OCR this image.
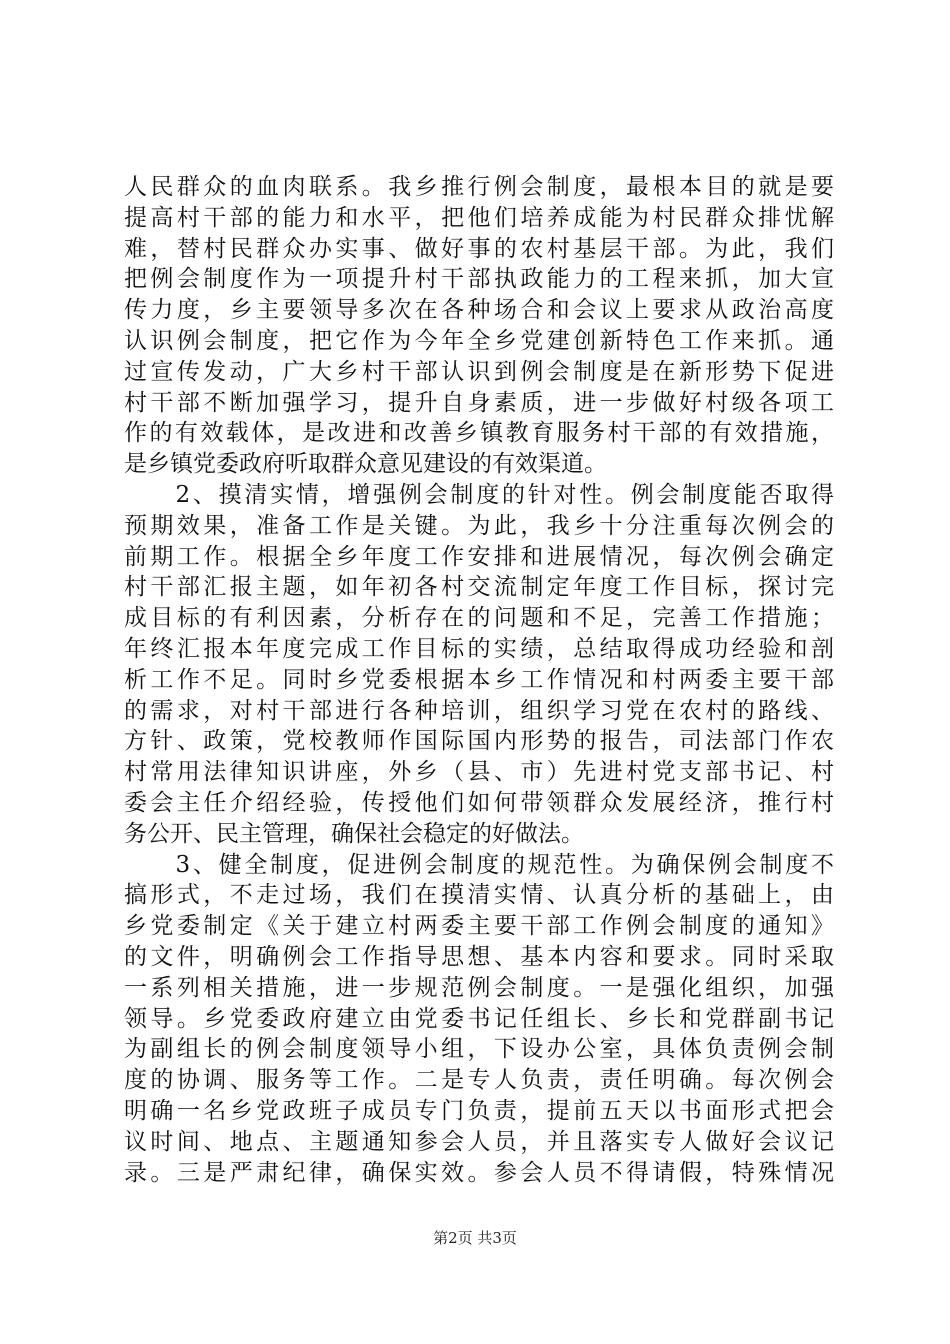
人民群众的血肉联系。我乡推行例会制度，最根本目的就是要
提高村干部的能力和水平，把他们培养成能为村民群众排忧解
难，替村民群众办实事、做好事的农村基层干部。为此，我们
把例会制度作为一项提升村干部执政能力的工程来抓，加大宣
传力度，乡主要领导多次在各种场合和会议上要求从政治高度
认识例会制度，把它作为今年全乡党建创新特色工作来抓。通
过宣传发动，广大乡村干部认识到例会制度是在新形势下促进
村干部不断加强学习，提升自身素质，进一步做好村级各项工
作的有效载体，是改进和改善乡镇教育服务村干部的有效措施，
是乡镇党委政府听取群众意见建设的有效渠道。
　　2、摸清实情，增强例会制度的针对性。例会制度能否取得
预期效果，准备工作是关键。为此，我乡十分注重每次例会的
前期工作。根据全乡年度工作安排和进展情况，每次例会确定
村干部汇报主题，如年初各村交流制定年度工作目标，探讨完
成目标的有利因素，分析存在的问题和不足，完善工作措施；
年终汇报本年度完成工作目标的实绩，总结取得成功经验和剖
析工作不足。同时乡党委根据本乡工作情况和村两委主要干部
的需求，对村干部进行各种培训，组织学习党在农村的路线、
方针、政策，党校教师作国际国内形势的报告，司法部门作农
村常用法律知识讲座，外乡（县、市）先进村党支部书记、村
委会主任介绍经验，传授他们如何带领群众发展经济，推行村
务公开、民主管理，确保社会稳定的好做法。
　　3、健全制度，促进例会制度的规范性。为确保例会制度不
搞形式，不走过场，我们在摸清实情、认真分析的基础上，由
乡党委制定《关于建立村两委主要干部工作例会制度的通知》
的文件，明确例会工作指导思想、基本内容和要求。同时采取
一系列相关措施，进一步规范例会制度。一是强化组织，加强
领导。乡党委政府建立由党委书记任组长、乡长和党群副书记
为副组长的例会制度领导小组，下设办公室，具体负责例会制
度的协调、服务等工作。二是专人负责，责任明确。每次例会
明确一名乡党政班子成员专门负责，提前五天以书面形式把会
议时间、地点、主题通知参会人员，并且落实专人做好会议记
录。三是严肃纪律，确保实效。参会人员不得请假，特殊情况
第2页 共3页
